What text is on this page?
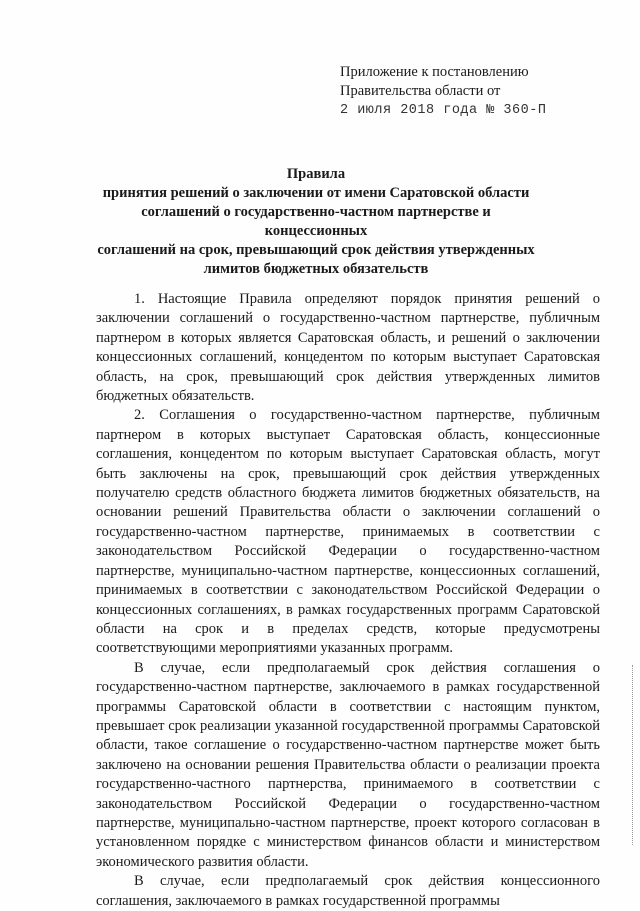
Приложение к постановлению
Правительства области от
2 июля 2018 года № 360-П
Правила
принятия решений о заключении от имени Саратовской области
соглашений о государственно-частном партнерстве и концессионных
соглашений на срок, превышающий срок действия утвержденных
лимитов бюджетных обязательств

1. Настоящие Правила определяют порядок принятия решений о заключении соглашений о государственно-частном партнерстве, публичным партнером в которых является Саратовская область, и решений о заключении концессионных соглашений, концедентом по которым выступает Саратовская область, на срок, превышающий срок действия утвержденных лимитов бюджетных обязательств.

2. Соглашения о государственно-частном партнерстве, публичным партнером в которых выступает Саратовская область, концессионные соглашения, концедентом по которым выступает Саратовская область, могут быть заключены на срок, превышающий срок действия утвержденных получателю средств областного бюджета лимитов бюджетных обязательств, на основании решений Правительства области о заключении соглашений о государственно-частном партнерстве, принимаемых в соответствии с законодательством Российской Федерации о государственно-частном партнерстве, муниципально-частном партнерстве, концессионных соглашений, принимаемых в соответствии с законодательством Российской Федерации о концессионных соглашениях, в рамках государственных программ Саратовской области на срок и в пределах средств, которые предусмотрены соответствующими мероприятиями указанных программ.

В случае, если предполагаемый срок действия соглашения о государственно-частном партнерстве, заключаемого в рамках государственной программы Саратовской области в соответствии с настоящим пунктом, превышает срок реализации указанной государственной программы Саратовской области, такое соглашение о государственно-частном партнерстве может быть заключено на основании решения Правительства области о реализации проекта государственно-частного партнерства, принимаемого в соответствии с законодательством Российской Федерации о государственно-частном партнерстве, муниципально-частном партнерстве, проект которого согласован в установленном порядке с министерством финансов области и министерством экономического развития области.

В случае, если предполагаемый срок действия концессионного соглашения, заключаемого в рамках государственной программы
